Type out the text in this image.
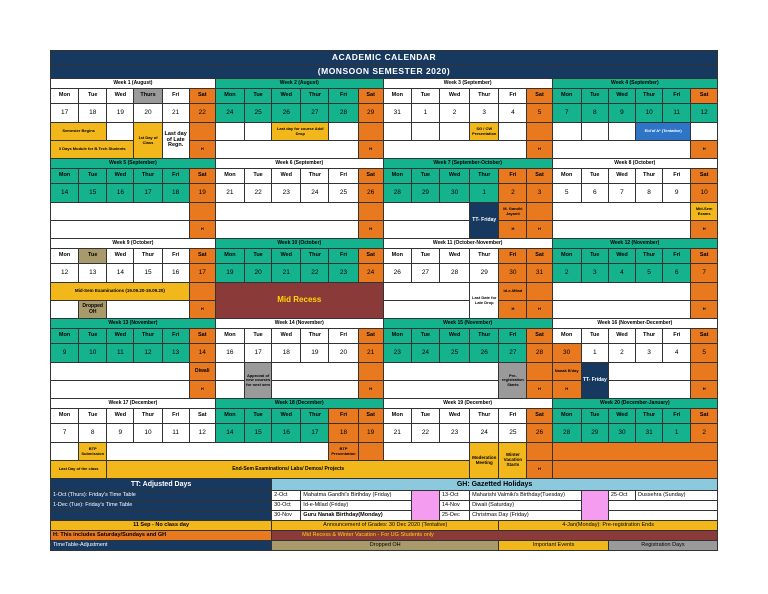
ACADEMIC CALENDAR																							
(MONSOON SEMESTER 2020)																							
Week 1 (August)						Week 2 (August)						Week 3 (September)						Week 4 (September)					
Mon	Tue	Wed	Thurs	Fri	Sat	Mon	Tue	Wed	Thur	Fri	Sat	Mon	Tue	Wed	Thur	Fri	Sat	Mon	Tue	Wed	Thur	Fri	Sat
17	18	19	20	21	22	24	25	26	27	28	29	31	1	2	3	4	5	7	8	9	10	11	12
Semester Begins			1st Day of Class	Last day of Late Regn.				Last day for course Add/ Drop							SG / CW Presentation						Eid'ul'A* (Tentative)		
3 Days Module for B.Tech Students					H						H						H						H
Week 5 (September)						Week 6 (September)						Week 7 (September-October)						Week 8 (October)					
Mon	Tue	Wed	Thur	Fri	Sat	Mon	Tue	Wed	Thur	Fri	Sat	Mon	Tue	Wed	Thur	Fri	Sat	Mon	Tue	Wed	Thur	Fri	Sat
14	15	16	17	18	19	21	22	23	24	25	26	28	29	30	1	2	3	5	6	7	8	9	10
															TT- Friday	M. Gandhi Jayanti							Mid-Sem Exams
					H						H					H	H						H
Week 9 (October)						Week 10 (October)						Week 11 (October-November)						Week 12 (November)					
Mon	Tue	Wed	Thur	Fri	Sat	Mon	Tue	Wed	Thur	Fri	Sat	Mon	Tue	Wed	Thur	Fri	Sat	Mon	Tue	Wed	Thur	Fri	Sat
12	13	14	15	16	17	19	20	21	22	23	24	26	27	28	29	30	31	2	3	4	5	6	7
Mid-Sem Examinations (19.09.20-19.09.20)						Mid Recess									Last Date for Late Drop	Id-e-Milad							
	Dropped OH				H											H	H						H
Week 13 (November)						Week 14 (November)						Week 15 (November)						Week 16 (November-December)					
Mon	Tue	Wed	Thur	Fri	Sat	Mon	Tue	Wed	Thur	Fri	Sat	Mon	Tue	Wed	Thur	Fri	Sat	Mon	Tue	Wed	Thur	Fri	Sat
9	10	11	12	13	14	16	17	18	19	20	21	23	24	25	26	27	28	30	1	2	3	4	5
					Diwali		Approval of new courses for next sem									Pre-registration Starts		Nanak B'day	TT- Friday				
					H						H						H	H					H
Week 17 (December)						Week 18 (December)						Week 19 (December)						Week 20 (December-January)					
Mon	Tue	Wed	Thur	Fri	Sat	Mon	Tue	Wed	Thur	Fri	Sat	Mon	Tue	Wed	Thur	Fri	Sat	Mon	Tue	Wed	Thur	Fri	Sat
7	8	9	10	11	12	14	15	16	17	18	19	21	22	23	24	25	26	28	29	30	31	1	2
	BTP Submission									BTP Presentation					Moderation Meeting	Winter Vacation Starts							
Last Day of the class		End-Sem Examinations/ Labs/ Demos/ Projects															H						
TT: Adjusted Days								GH: Gazetted Holidays															
1-Oct (Thurs): Friday's Time Table								2-Oct	Mahatma Gandhi's Birthday (Friday)					13-Oct	Maharishi Valmiki's Birthday(Tuesday)					25-Oct	Dussehra (Sunday)		
1-Dec (Tue): Friday's Time Table								30-Oct	Id-e-Milad (Friday)					14-Nov	Diwali (Saturday)								
								30-Nov	Guru Nanak Birthday(Monday)					25-Dec	Christmas Day (Friday)								
11 Sep - No class day								Announcement of Grades: 30 Dec 2020 (Tentative)								4-Jan(Monday): Pre-registration Ends							
H: This includes Saturday/Sundays and GH								Mid Recess & Winter Vacation - For UG Students only															
TimeTable-Adjustment								Dropped OH								Important Events				Registration Days			
